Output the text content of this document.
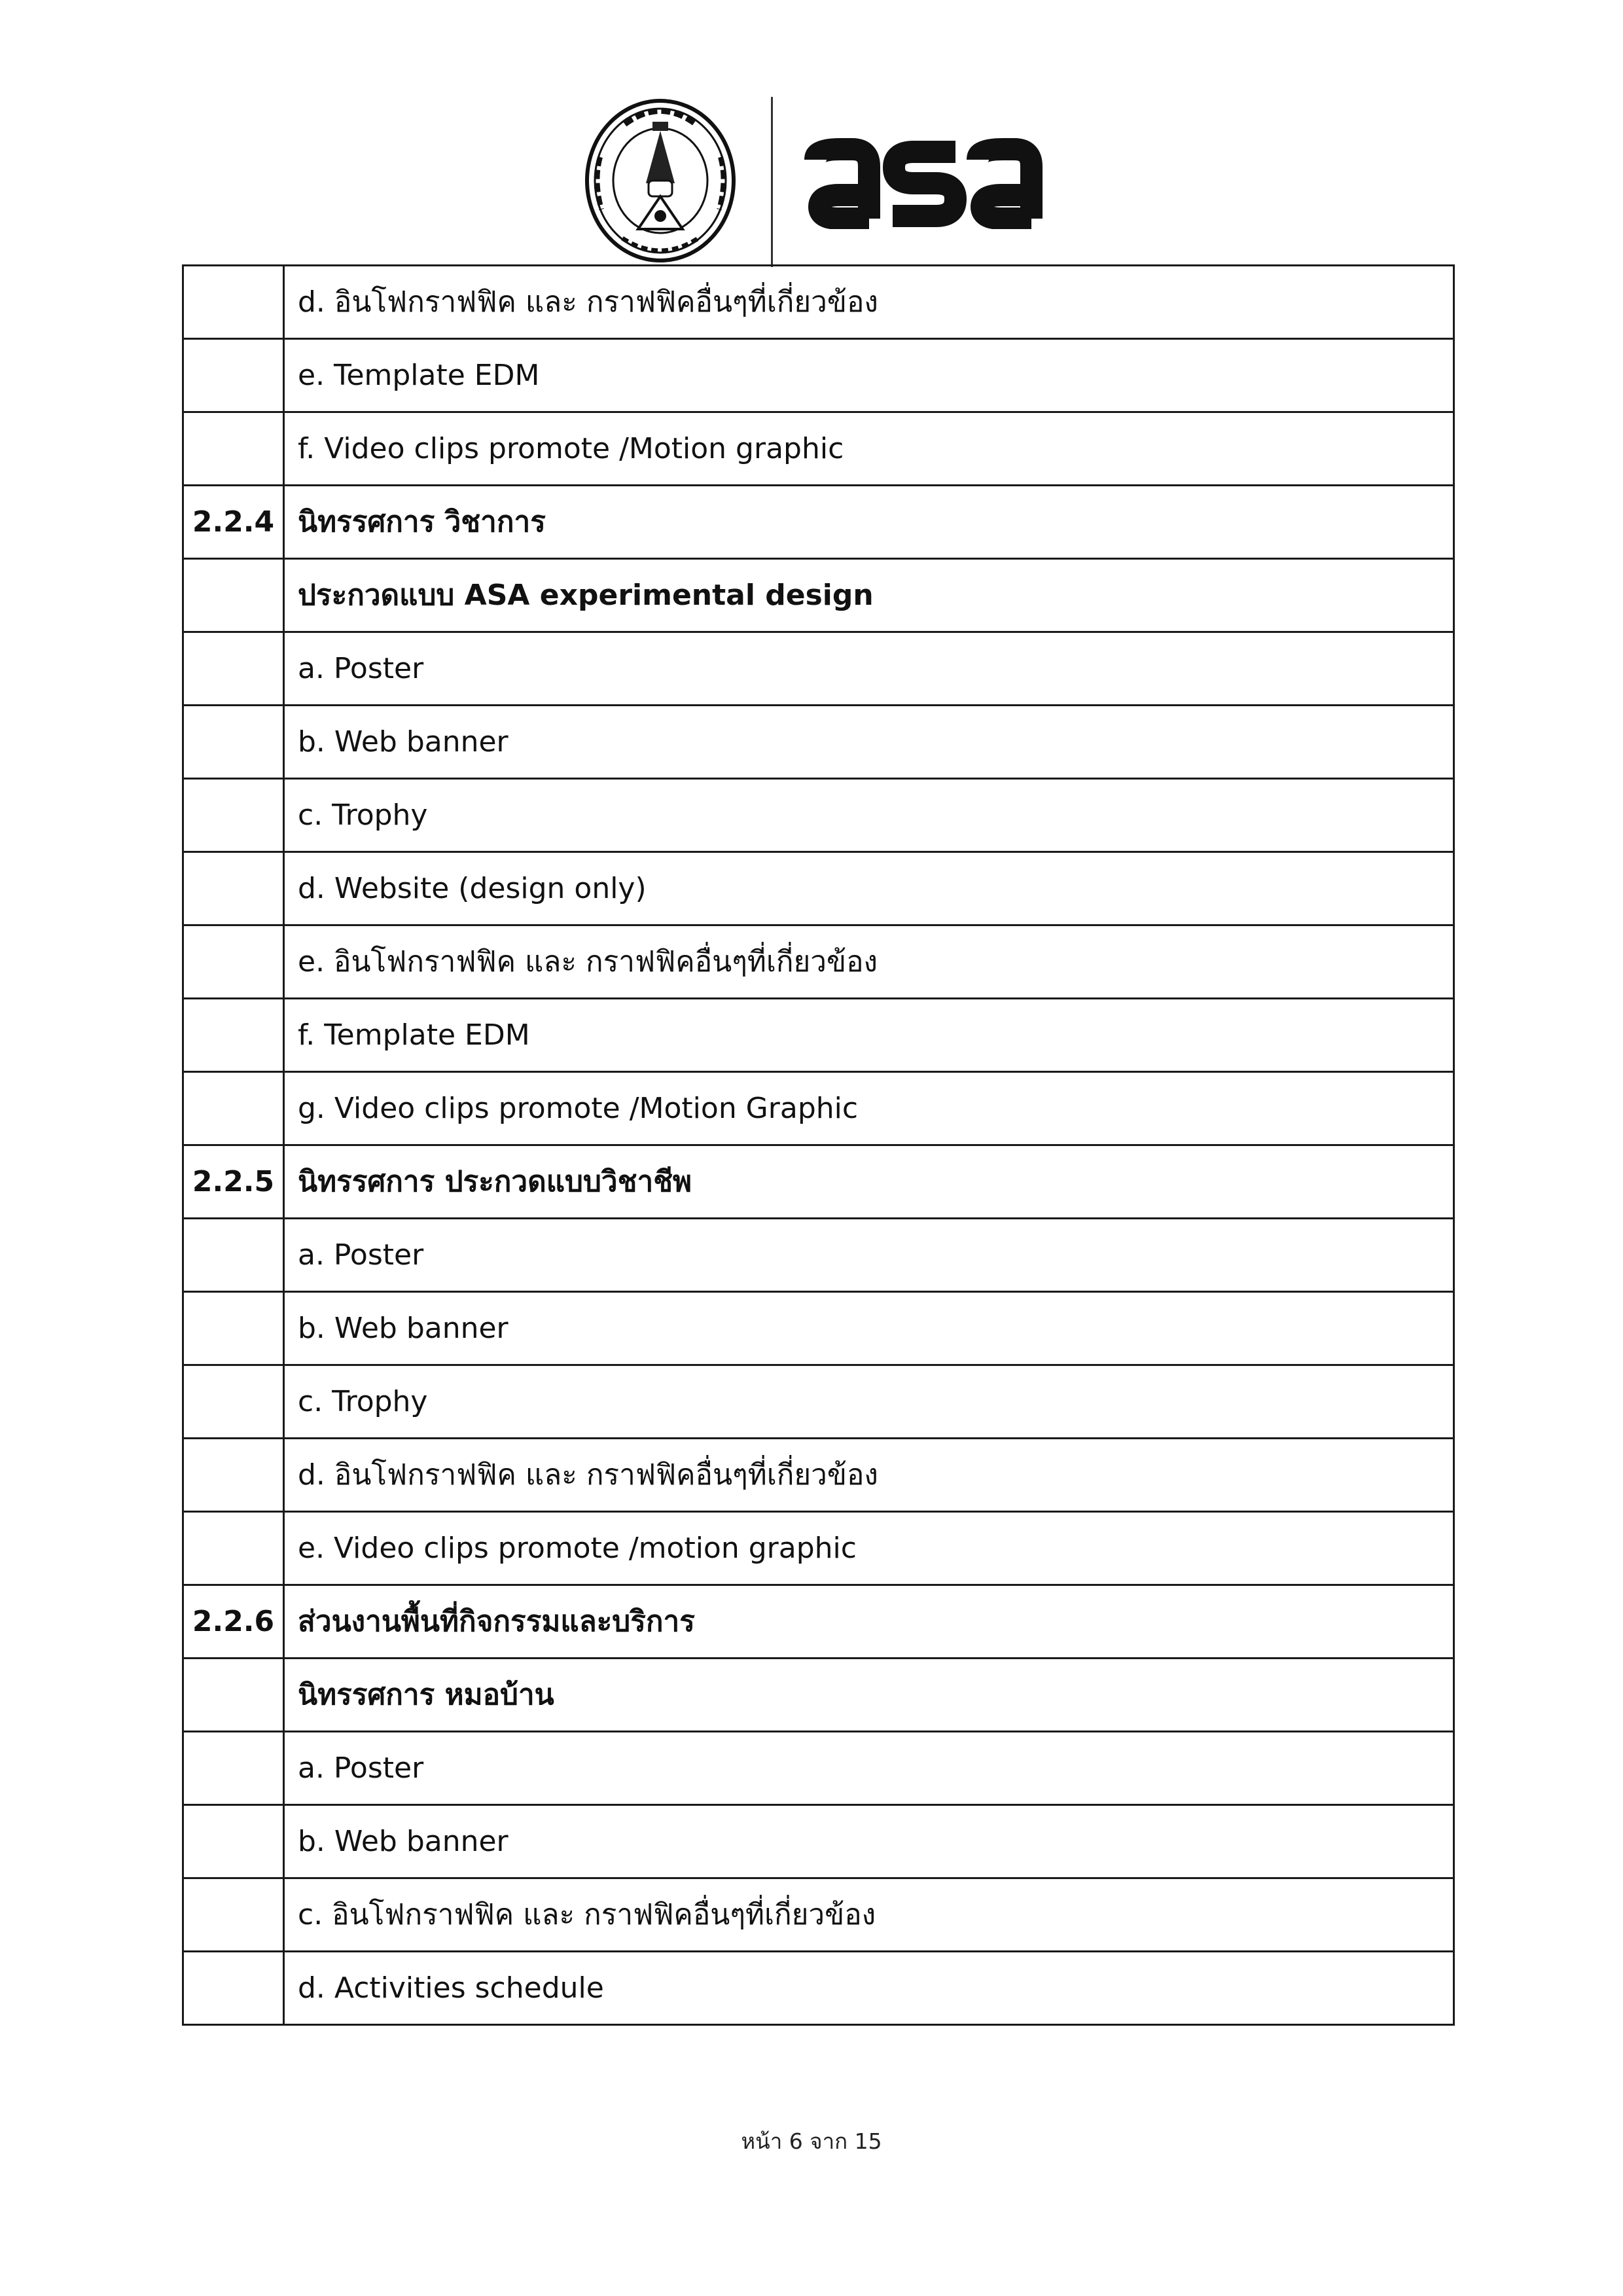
	d. อินโฟกราฟฟิค และ กราฟฟิคอื่นๆที่เกี่ยวข้อง
	e. Template EDM
	f. Video clips promote /Motion graphic
2.2.4	นิทรรศการ วิชาการ
	ประกวดแบบ ASA experimental design
	a. Poster
	b. Web banner
	c. Trophy
	d. Website (design only)
	e. อินโฟกราฟฟิค และ กราฟฟิคอื่นๆที่เกี่ยวข้อง
	f. Template EDM
	g. Video clips promote /Motion Graphic
2.2.5	นิทรรศการ ประกวดแบบวิชาชีพ
	a. Poster
	b. Web banner
	c. Trophy
	d. อินโฟกราฟฟิค และ กราฟฟิคอื่นๆที่เกี่ยวข้อง
	e. Video clips promote /motion graphic
2.2.6	ส่วนงานพื้นที่กิจกรรมและบริการ
	นิทรรศการ หมอบ้าน
	a. Poster
	b. Web banner
	c. อินโฟกราฟฟิค และ กราฟฟิคอื่นๆที่เกี่ยวข้อง
	d. Activities schedule
หน้า 6 จาก 15
